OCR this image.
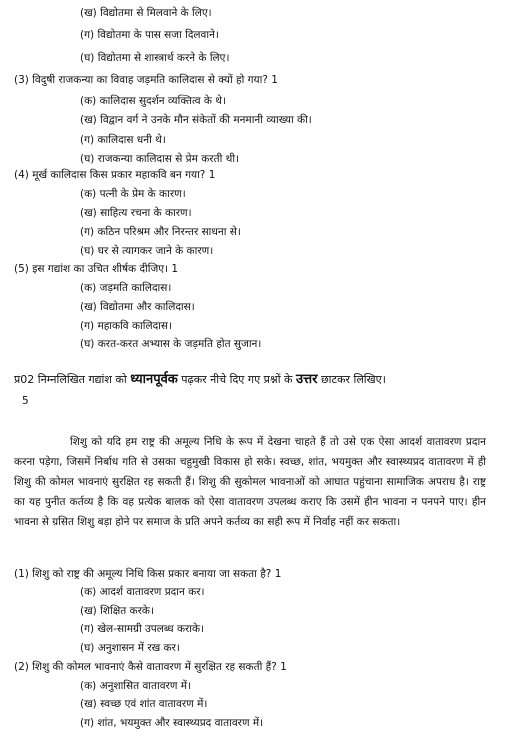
(ख) विद्योतमा से मिलवाने के लिए।
(ग) विद्योतमा के पास सजा दिलवाने।
(घ) विद्योतमा से शास्त्रार्थ करने के लिए।
(3) विदुषी राजकन्या का विवाह जड़मति कालिदास से क्यों हो गया? 1
(क) कालिदास सुदर्शन व्यक्तित्व के थे।
(ख) विद्वान वर्ग ने उनके मौन संकेतों की मनमानी व्याख्या की।
(ग) कालिदास धनी थे।
(घ) राजकन्या कालिदास से प्रेम करती थी।
(4) मूर्ख कालिदास किस प्रकार महाकवि बन गया? 1
(क) पत्नी के प्रेम के कारण।
(ख) साहित्य रचना के कारण।
(ग) कठिन परिश्रम और निरन्तर साधना से।
(घ) घर से त्यागकर जाने के कारण।
(5) इस गद्यांश का उचित शीर्षक दीजिए। 1
(क) जड़मति कालिदास।
(ख) विद्योतमा और कालिदास।
(ग) महाकवि कालिदास।
(घ) करत-करत अभ्यास के जड़मति होत सुजान।
प्र02 निम्नलिखित गद्यांश को ध्यानपूर्वक पढ़कर नीचे दिए गए प्रश्नों के उत्तर छाटकर लिखिए।
5

शिशु को यदि हम राष्ट्र की अमूल्य निधि के रूप में देखना चाहते हैं तो उसे एक ऐसा आदर्श वातावरण प्रदान करना पड़ेगा, जिसमें निर्बाध गति से उसका चहुमुखी विकास हो सके। स्वच्छ, शांत, भयमुक्त और स्वास्थ्यप्रद वातावरण में ही शिशु की कोमल भावनाएं सुरक्षित रह सकती हैं। शिशु की सुकोमल भावनाओं को आघात पहुंचाना सामाजिक अपराध है। राष्ट्र का यह पुनीत कर्तव्य है कि वह प्रत्येक बालक को ऐसा वातावरण उपलब्ध कराए कि उसमें हीन भावना न पनपने पाए। हीन भावना से ग्रसित शिशु बड़ा होने पर समाज के प्रति अपने कर्तव्य का सही रूप में निर्वाह नहीं कर सकता।

(1) शिशु को राष्ट्र की अमूल्य निधि किस प्रकार बनाया जा सकता है? 1
(क) आदर्श वातावरण प्रदान कर।
(ख) शिक्षित करके।
(ग) खेल-सामग्री उपलब्ध कराके।
(घ) अनुशासन में रख कर।
(2) शिशु की कोमल भावनाएं कैसे वातावरण में सुरक्षित रह सकती हैं? 1
(क) अनुशासित वातावरण में।
(ख) स्वच्छ एवं शांत वातावरण में।
(ग) शांत, भयमुक्त और स्वास्थ्यप्रद वातावरण में।
